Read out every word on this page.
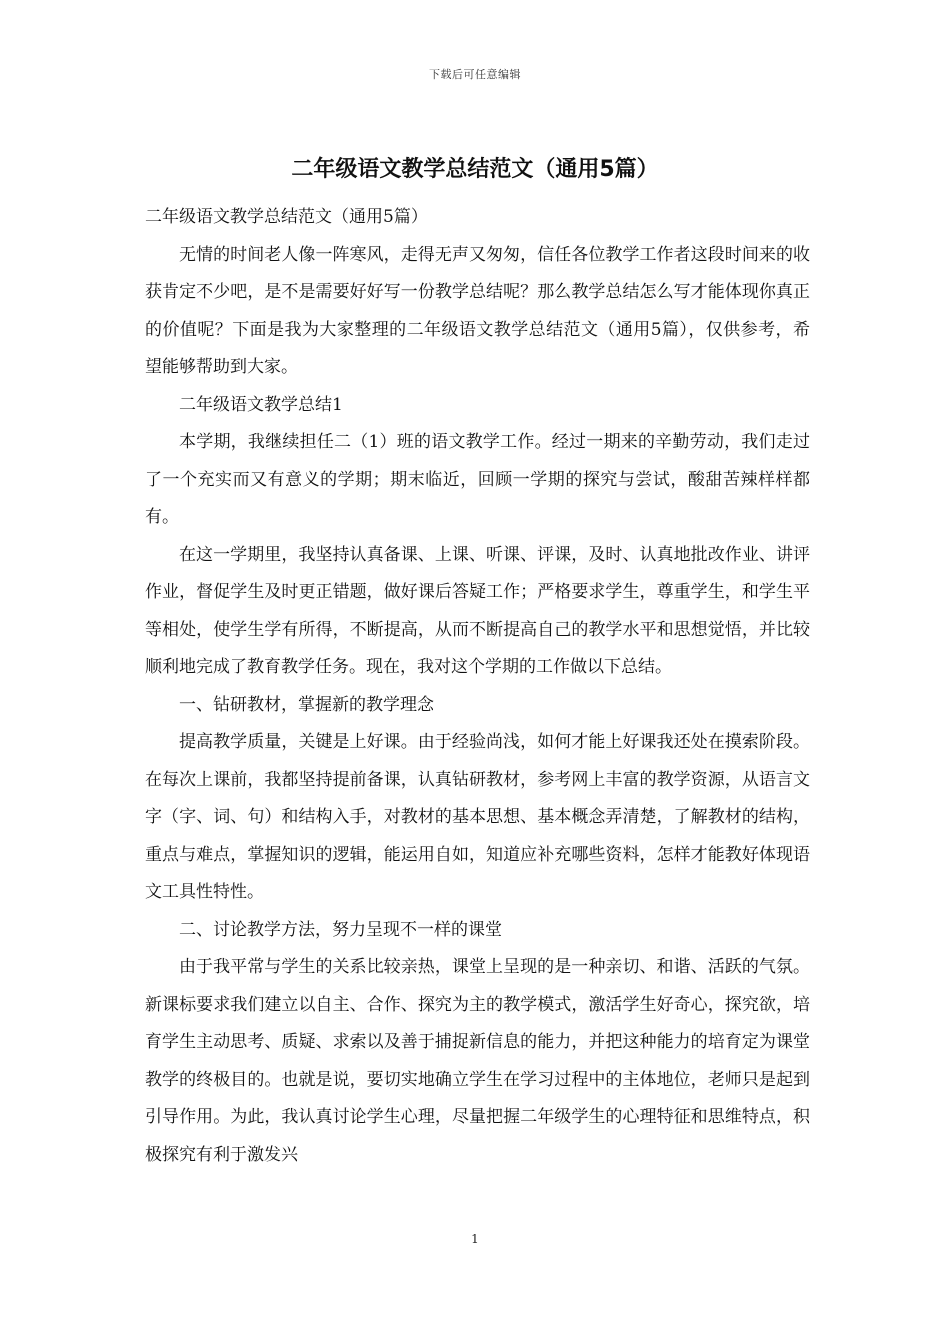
下载后可任意编辑
二年级语文教学总结范文（通用5篇）

二年级语文教学总结范文（通用5篇）

无情的时间老人像一阵寒风，走得无声又匆匆，信任各位教学工作者这段时间来的收获肯定不少吧，是不是需要好好写一份教学总结呢？那么教学总结怎么写才能体现你真正的价值呢？下面是我为大家整理的二年级语文教学总结范文（通用5篇），仅供参考，希望能够帮助到大家。

二年级语文教学总结1

本学期，我继续担任二（1）班的语文教学工作。经过一期来的辛勤劳动，我们走过了一个充实而又有意义的学期；期末临近，回顾一学期的探究与尝试，酸甜苦辣样样都有。

在这一学期里，我坚持认真备课、上课、听课、评课，及时、认真地批改作业、讲评作业，督促学生及时更正错题，做好课后答疑工作；严格要求学生，尊重学生，和学生平等相处，使学生学有所得，不断提高，从而不断提高自己的教学水平和思想觉悟，并比较顺利地完成了教育教学任务。现在，我对这个学期的工作做以下总结。

一、钻研教材，掌握新的教学理念

提高教学质量，关键是上好课。由于经验尚浅，如何才能上好课我还处在摸索阶段。在每次上课前，我都坚持提前备课，认真钻研教材，参考网上丰富的教学资源，从语言文字（字、词、句）和结构入手，对教材的基本思想、基本概念弄清楚，了解教材的结构，重点与难点，掌握知识的逻辑，能运用自如，知道应补充哪些资料，怎样才能教好体现语文工具性特性。

二、讨论教学方法，努力呈现不一样的课堂

由于我平常与学生的关系比较亲热，课堂上呈现的是一种亲切、和谐、活跃的气氛。新课标要求我们建立以自主、合作、探究为主的教学模式，激活学生好奇心，探究欲，培育学生主动思考、质疑、求索以及善于捕捉新信息的能力，并把这种能力的培育定为课堂教学的终极目的。也就是说，要切实地确立学生在学习过程中的主体地位，老师只是起到引导作用。为此，我认真讨论学生心理，尽量把握二年级学生的心理特征和思维特点，积极探究有利于激发兴

1
